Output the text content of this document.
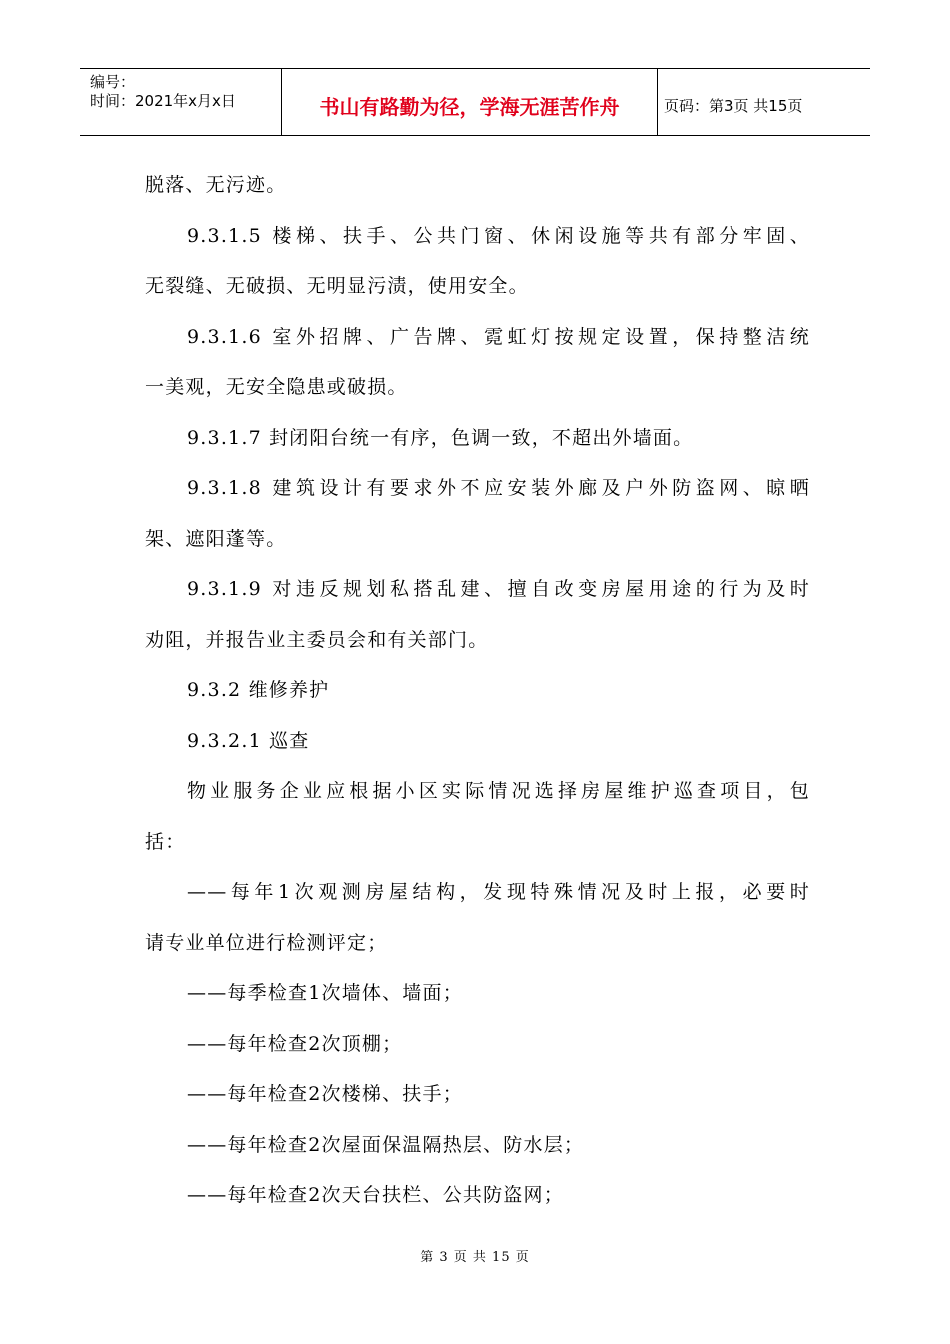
编号：
时间：2021年x月x日	书山有路勤为径，学海无涯苦作舟	页码：第3页 共15页
脱落、无污迹。
9.3.1.5 楼梯、扶手、公共门窗、休闲设施等共有部分牢固、
无裂缝、无破损、无明显污渍，使用安全。
9.3.1.6 室外招牌、广告牌、霓虹灯按规定设置，保持整洁统
一美观，无安全隐患或破损。
9.3.1.7 封闭阳台统一有序，色调一致，不超出外墙面。
9.3.1.8 建筑设计有要求外不应安装外廊及户外防盗网、晾晒
架、遮阳蓬等。
9.3.1.9 对违反规划私搭乱建、擅自改变房屋用途的行为及时
劝阻，并报告业主委员会和有关部门。
9.3.2 维修养护
9.3.2.1 巡查
物业服务企业应根据小区实际情况选择房屋维护巡查项目，包
括：
——每年1次观测房屋结构，发现特殊情况及时上报，必要时
请专业单位进行检测评定；
——每季检查1次墙体、墙面；
——每年检查2次顶棚；
——每年检查2次楼梯、扶手；
——每年检查2次屋面保温隔热层、防水层；
——每年检查2次天台扶栏、公共防盗网；
第 3 页 共 15 页
